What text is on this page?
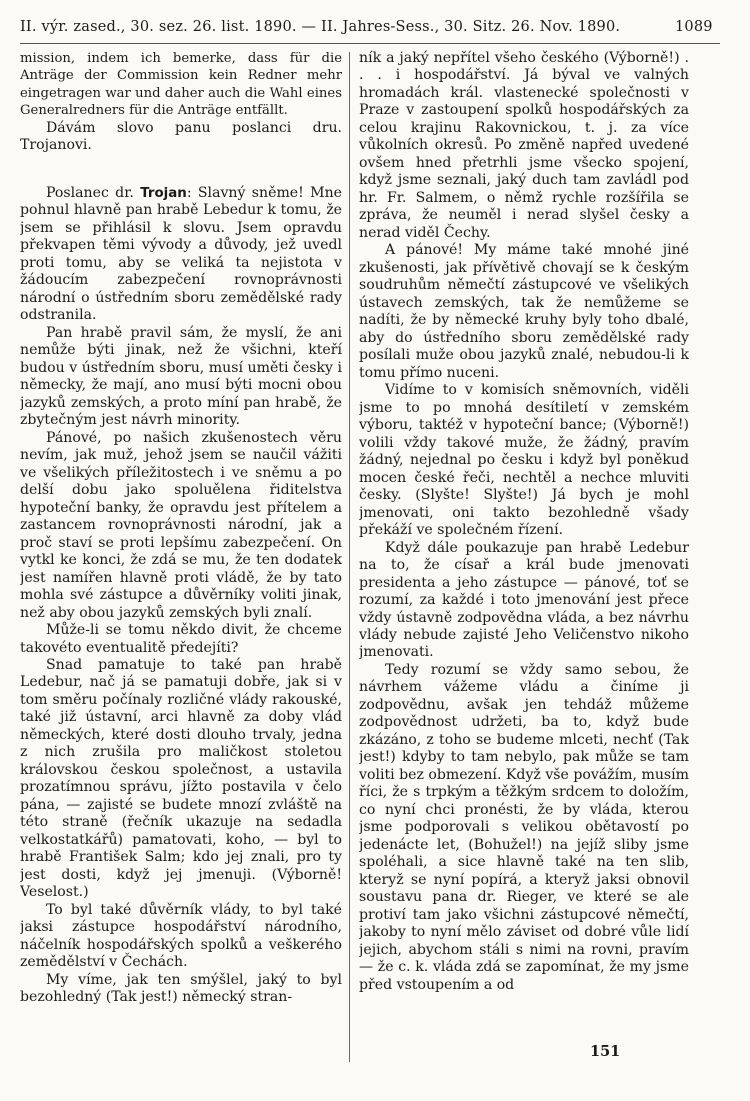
II. výr. zased., 30. sez. 26. list. 1890. — II. Jahres-Sess., 30. Sitz. 26. Nov. 1890.	1089

mission, indem ich bemerke, dass für die Anträge der Commission kein Redner mehr eingetragen war und daher auch die Wahl eines Generalredners für die Anträge entfällt.

Dávám slovo panu poslanci dru. Trojanovi.

Poslanec dr. Trojan: Slavný sněme! Mne pohnul hlavně pan hrabě Lebedur k tomu, že jsem se přihlásil k slovu. Jsem opravdu překvapen těmi vývody a důvody, jež uvedl proti tomu, aby se veliká ta nejistota v žádoucím zabezpečení rovnoprávnosti národní o ústředním sboru zemědělské rady odstranila.

Pan hrabě pravil sám, že myslí, že ani nemůže býti jinak, než že všichni, kteří budou v ústředním sboru, musí uměti česky i německy, že mají, ano musí býti mocni obou jazyků zemských, a proto míní pan hrabě, že zbytečným jest návrh minority.

Pánové, po našich zkušenostech věru nevím, jak muž, jehož jsem se naučil vážiti ve všelikých příležitostech i ve sněmu a po delší dobu jako spoluělena řiditelstva hypoteční banky, že opravdu jest přítelem a zastancem rovnoprávnosti národní, jak a proč staví se proti lepšímu zabezpečení. On vytkl ke konci, že zdá se mu, že ten dodatek jest namířen hlavně proti vládě, že by tato mohla své zástupce a důvěrníky voliti jinak, než aby obou jazyků zemských byli znalí.

Může-li se tomu někdo divit, že chceme takovéto eventualitě předejíti?

Snad pamatuje to také pan hrabě Ledebur, nač já se pamatuji dobře, jak si v tom směru počínaly rozličné vlády rakouské, také již ústavní, arci hlavně za doby vlád německých, které dosti dlouho trvaly, jedna z nich zrušila pro maličkost stoletou královskou českou společnost, a ustavila prozatímnou správu, jížto postavila v čelo pána, — zajisté se budete mnozí zvláště na této straně (řečník ukazuje na sedadla velkostatkářů) pamatovati, koho, — byl to hrabě František Salm; kdo jej znali, pro ty jest dosti, když jej jmenuji. (Výborně! Veselost.)

To byl také důvěrník vlády, to byl také jaksi zástupce hospodářství národního, náčelník hospodářských spolků a veškerého zemědělství v Čechách.

My víme, jak ten smýšlel, jaký to byl bezohledný (Tak jest!) německý stran-

ník a jaký nepřítel všeho českého (Výborně!) . . . i hospodářství. Já býval ve valných hromadách král. vlastenecké společnosti v Praze v zastoupení spolků hospodářských za celou krajinu Rakovnickou, t. j. za více vůkolních okresů. Po změně napřed uvedené ovšem hned přetrhli jsme všecko spojení, když jsme seznali, jaký duch tam zavládl pod hr. Fr. Salmem, o němž rychle rozšířila se zpráva, že neuměl i nerad slyšel česky a nerad viděl Čechy.

A pánové! My máme také mnohé jiné zkušenosti, jak přívětivě chovají se k českým soudruhům němečtí zástupcové ve všelikých ústavech zemských, tak že nemůžeme se nadíti, že by německé kruhy byly toho dbalé, aby do ústředního sboru zemědělské rady posílali muže obou jazyků znalé, nebudou-li k tomu přímo nuceni.

Vidíme to v komisích sněmovních, viděli jsme to po mnohá desítiletí v zemském výboru, taktéž v hypoteční bance; (Výborně!) volili vždy takové muže, že žádný, pravím žádný, nejednal po česku i když byl poněkud mocen české řeči, nechtěl a nechce mluviti česky. (Slyšte! Slyšte!) Já bych je mohl jmenovati, oni takto bezohledně všady překáží ve společném řízení.

Když dále poukazuje pan hrabě Ledebur na to, že císař a král bude jmenovati presidenta a jeho zástupce — pánové, toť se rozumí, za každé i toto jmenování jest přece vždy ústavně zodpovědna vláda, a bez návrhu vlády nebude zajisté Jeho Veličenstvo nikoho jmenovati.

Tedy rozumí se vždy samo sebou, že návrhem vážeme vládu a činíme ji zodpovědnu, avšak jen tehdáž můžeme zodpovědnost udržeti, ba to, když bude zkázáno, z toho se budeme mlceti, nechť (Tak jest!) kdyby to tam nebylo, pak může se tam voliti bez obmezení. Když vše povážím, musím říci, že s trpkým a těžkým srdcem to doložím, co nyní chci pronésti, že by vláda, kterou jsme podporovali s velikou obětavostí po jedenácte let, (Bohužel!) na jejíž sliby jsme spoléhali, a sice hlavně také na ten slib, kteryž se nyní popírá, a kteryž jaksi obnovil soustavu pana dr. Rieger, ve které se ale protiví tam jako všichni zástupcové němečtí, jakoby to nyní mělo záviset od dobré vůle lidí jejich, abychom stáli s nimi na rovni, pravím — že c. k. vláda zdá se zapomínat, že my jsme před vstoupením a od

151
